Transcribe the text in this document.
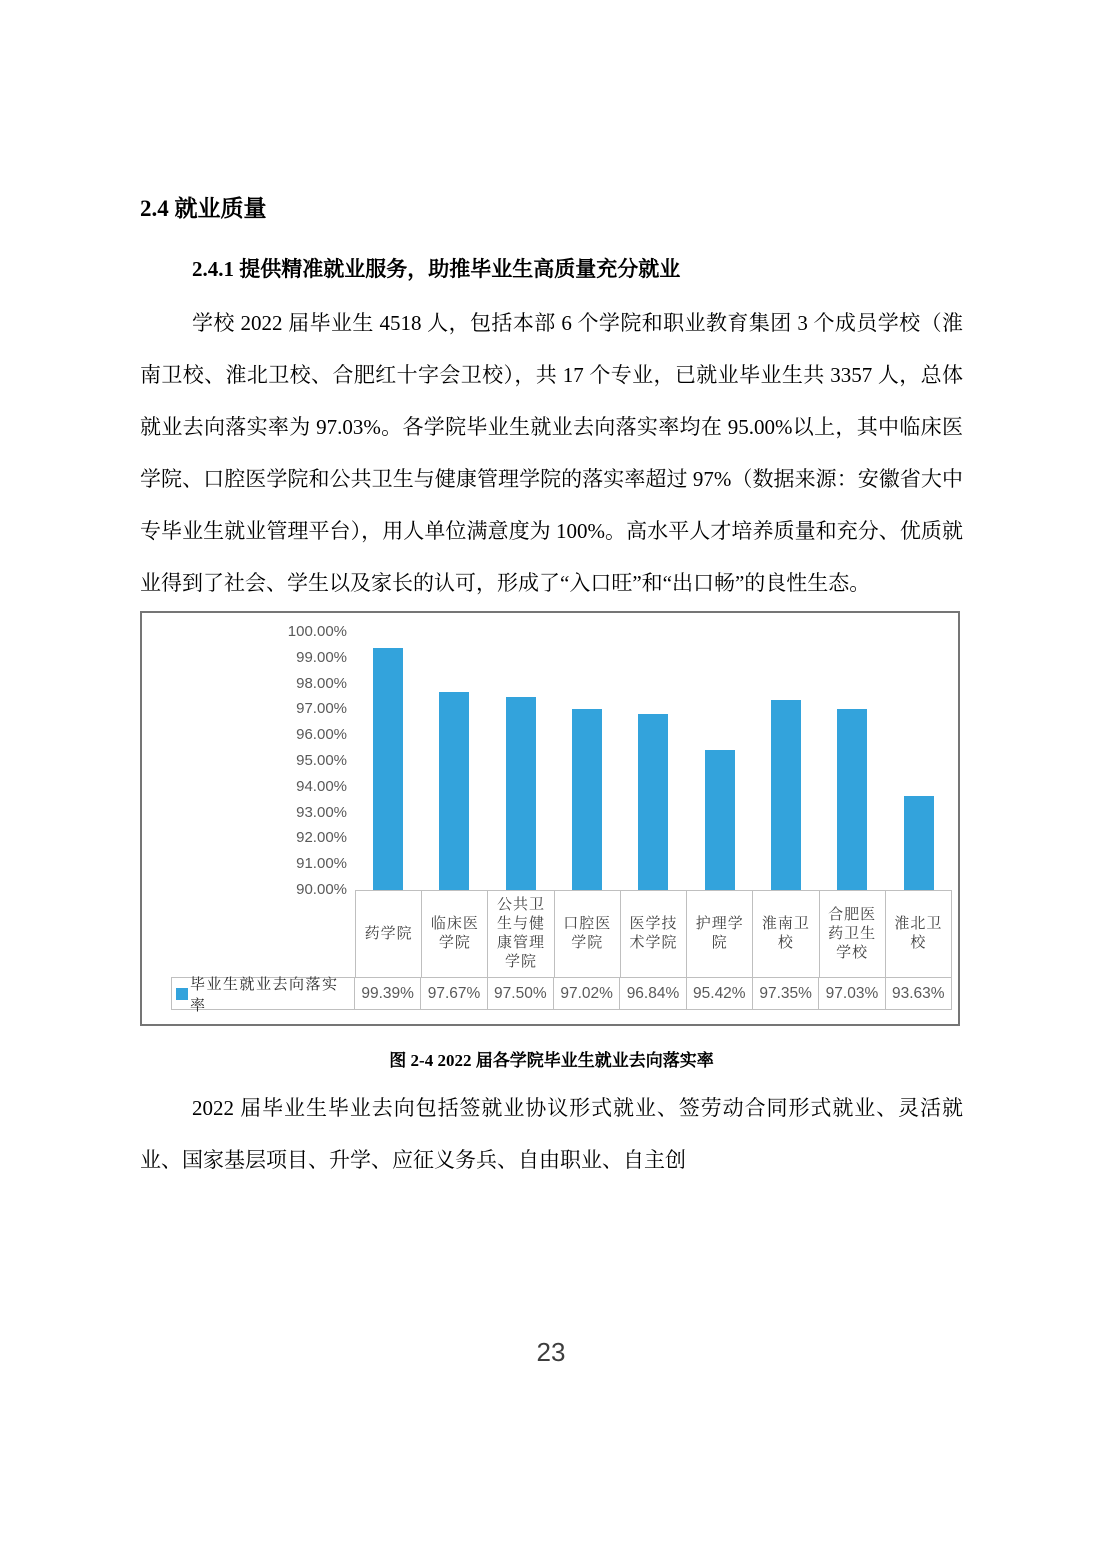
2.4 就业质量
2.4.1 提供精准就业服务，助推毕业生高质量充分就业

学校 2022 届毕业生 4518 人，包括本部 6 个学院和职业教育集团 3 个成员学校（淮南卫校、淮北卫校、合肥红十字会卫校），共 17 个专业，已就业毕业生共 3357 人，总体就业去向落实率为 97.03%。各学院毕业生就业去向落实率均在 95.00%以上，其中临床医学院、口腔医学院和公共卫生与健康管理学院的落实率超过 97%（数据来源：安徽省大中专毕业生就业管理平台），用人单位满意度为 100%。高水平人才培养质量和充分、优质就业得到了社会、学生以及家长的认可，形成了“入口旺”和“出口畅”的良性生态。

100.00%
99.00%
98.00%
97.00%
96.00%
95.00%
94.00%
93.00%
92.00%
91.00%
90.00%
药学院
临床医学院
公共卫生与健康管理学院
口腔医学院
医学技术学院
护理学院
淮南卫校
合肥医药卫生学校
淮北卫校
毕业生就业去向落实率
99.39% 97.67% 97.50% 97.02% 96.84% 95.42% 97.35% 97.03% 93.63%
图 2-4 2022 届各学院毕业生就业去向落实率

2022 届毕业生毕业去向包括签就业协议形式就业、签劳动合同形式就业、灵活就业、国家基层项目、升学、应征义务兵、自由职业、自主创

23
